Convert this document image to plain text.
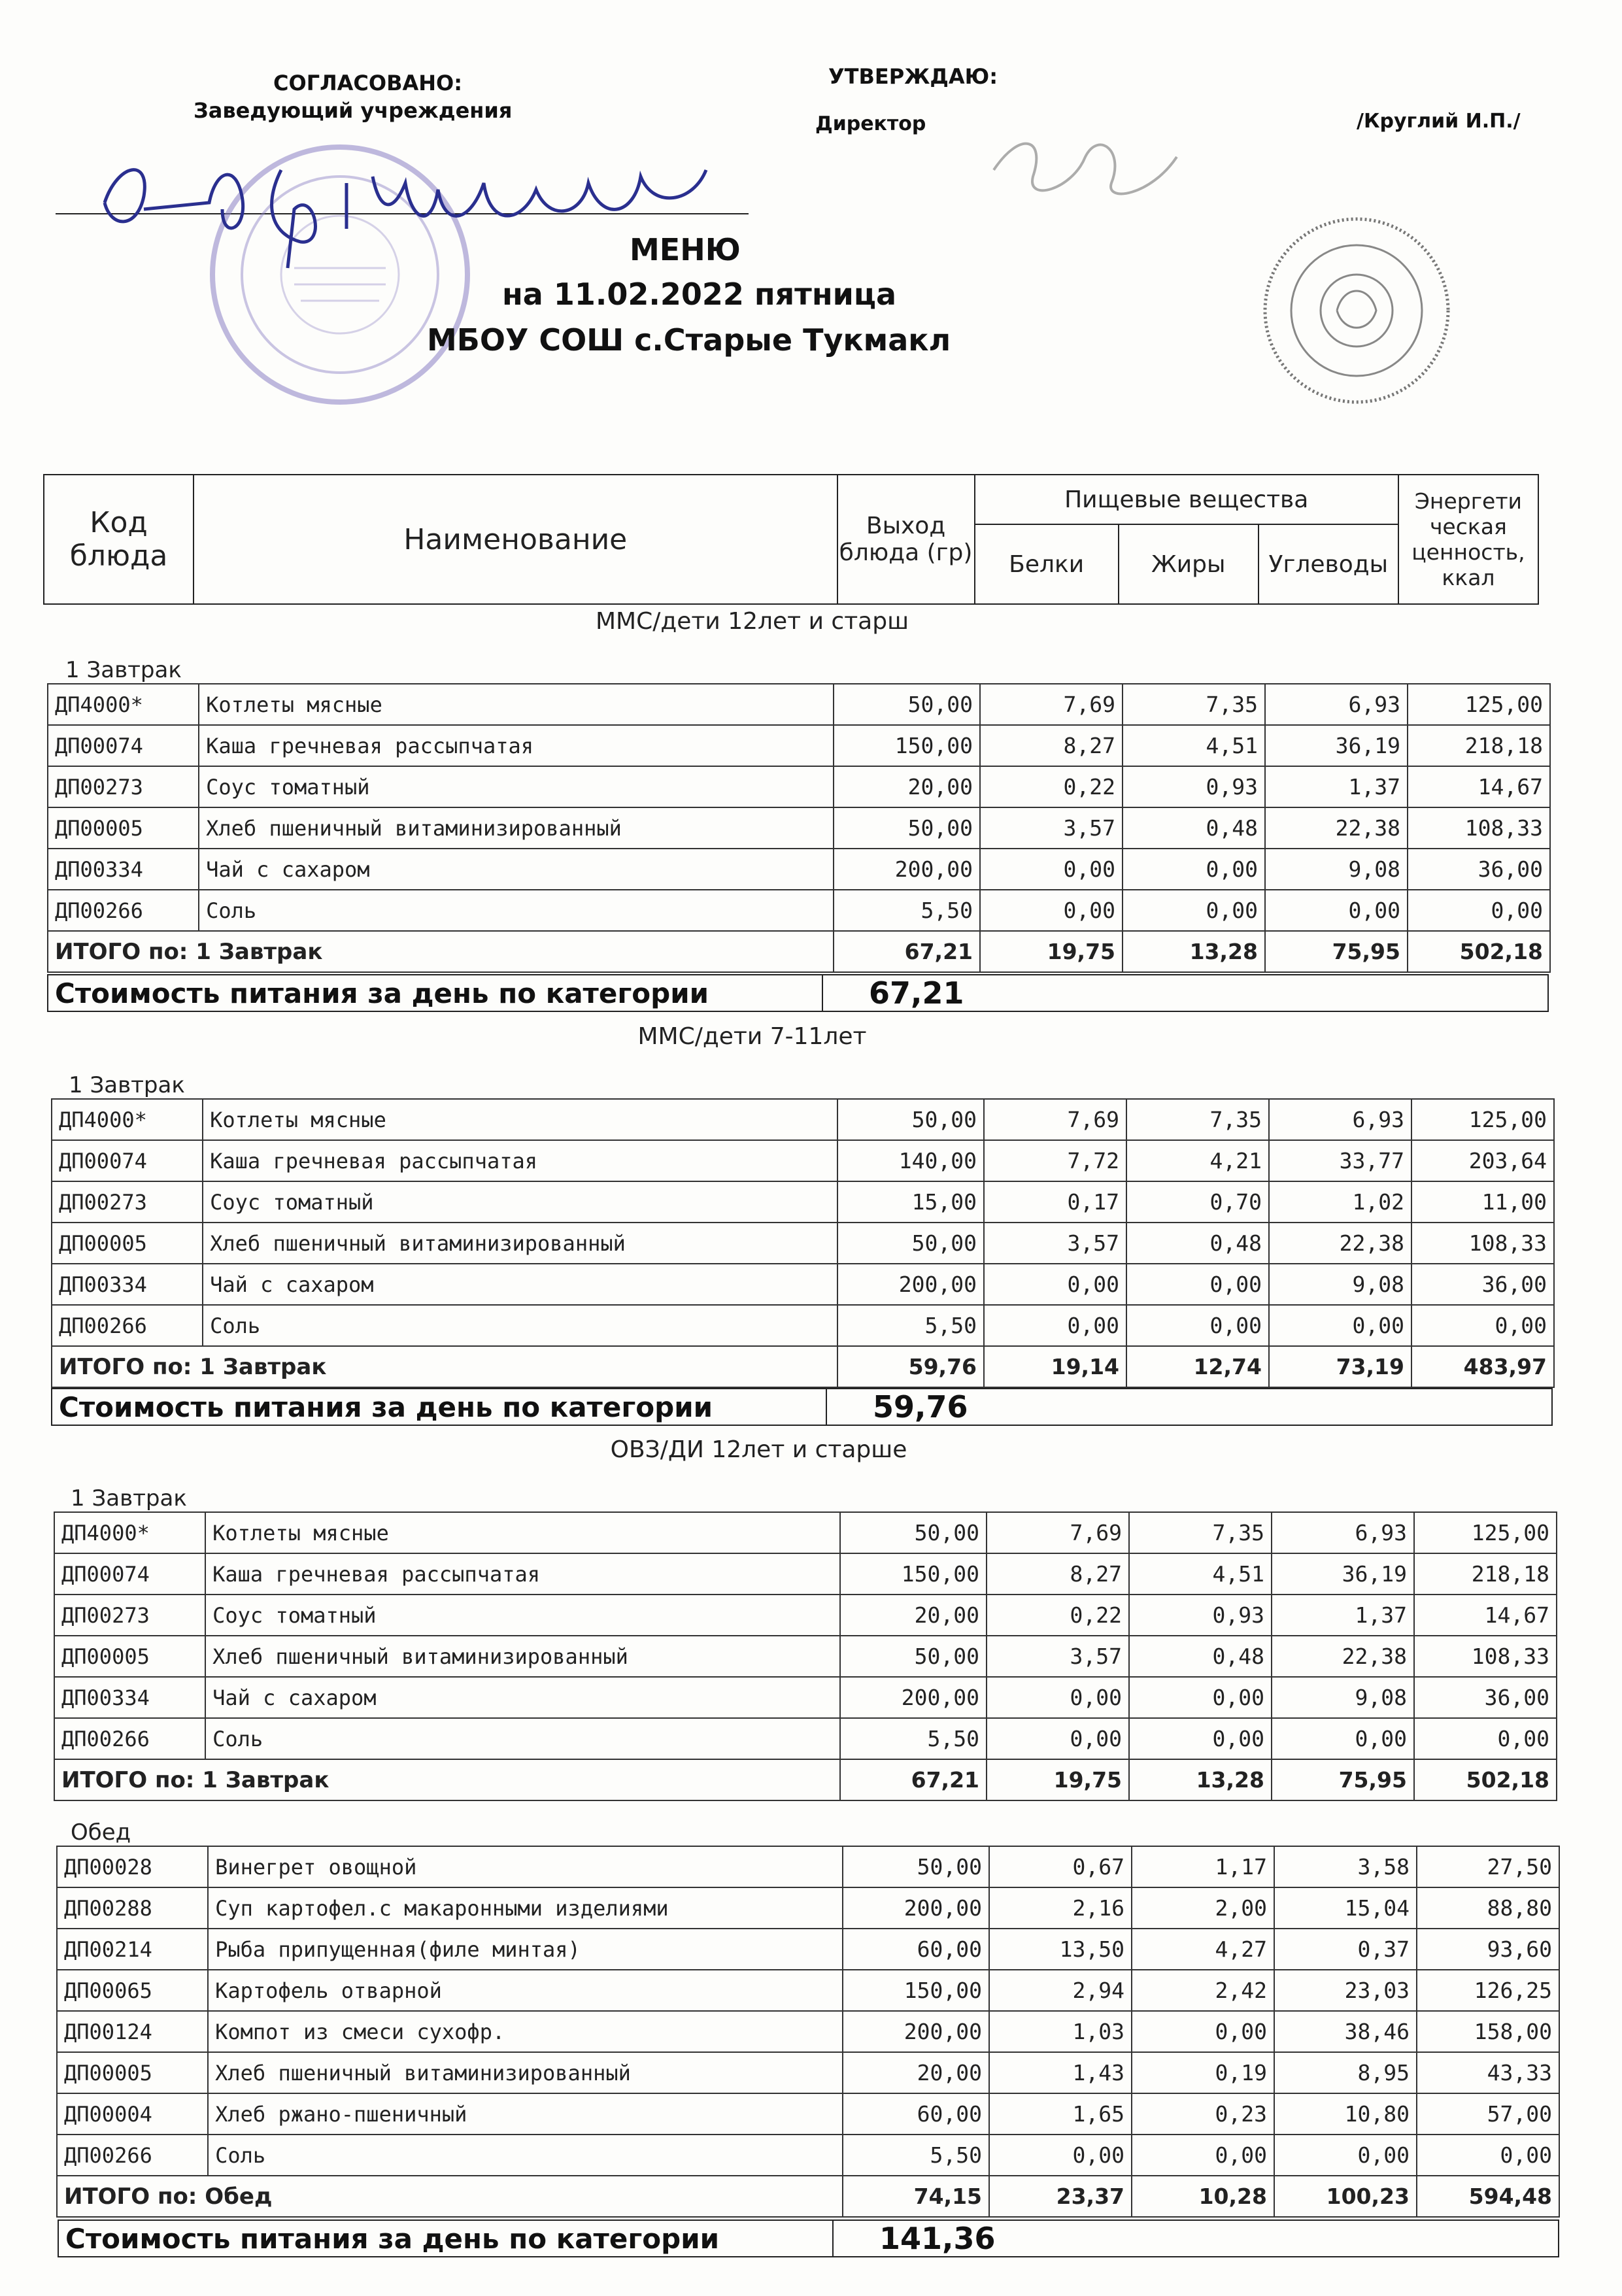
СОГЛАСОВАНО:
Заведующий учреждения
УТВЕРЖДАЮ:
Директор	/Круглий И.П./
МЕНЮ
на 11.02.2022 пятница
МБОУ СОШ с.Старые Тукмакл
Код блюда	Наименование	Выход блюда (гр)	Пищевые вещества			Энергети ческая ценность, ккал
			Белки	Жиры	Углеводы	
ММС/дети 12лет и старш
1 Завтрак
ДП4000*	Котлеты мясные	50,00	7,69	7,35	6,93	125,00
ДП00074	Каша гречневая рассыпчатая	150,00	8,27	4,51	36,19	218,18
ДП00273	Соус томатный	20,00	0,22	0,93	1,37	14,67
ДП00005	Хлеб пшеничный витаминизированный	50,00	3,57	0,48	22,38	108,33
ДП00334	Чай с сахаром	200,00	0,00	0,00	9,08	36,00
ДП00266	Соль	5,50	0,00	0,00	0,00	0,00
ИТОГО по: 1 Завтрак		67,21	19,75	13,28	75,95	502,18
Стоимость питания за день по категории	67,21
ММС/дети 7-11лет
1 Завтрак
ДП4000*	Котлеты мясные	50,00	7,69	7,35	6,93	125,00
ДП00074	Каша гречневая рассыпчатая	140,00	7,72	4,21	33,77	203,64
ДП00273	Соус томатный	15,00	0,17	0,70	1,02	11,00
ДП00005	Хлеб пшеничный витаминизированный	50,00	3,57	0,48	22,38	108,33
ДП00334	Чай с сахаром	200,00	0,00	0,00	9,08	36,00
ДП00266	Соль	5,50	0,00	0,00	0,00	0,00
ИТОГО по: 1 Завтрак		59,76	19,14	12,74	73,19	483,97
Стоимость питания за день по категории	59,76
ОВЗ/ДИ 12лет и старше
1 Завтрак
ДП4000*	Котлеты мясные	50,00	7,69	7,35	6,93	125,00
ДП00074	Каша гречневая рассыпчатая	150,00	8,27	4,51	36,19	218,18
ДП00273	Соус томатный	20,00	0,22	0,93	1,37	14,67
ДП00005	Хлеб пшеничный витаминизированный	50,00	3,57	0,48	22,38	108,33
ДП00334	Чай с сахаром	200,00	0,00	0,00	9,08	36,00
ДП00266	Соль	5,50	0,00	0,00	0,00	0,00
ИТОГО по: 1 Завтрак		67,21	19,75	13,28	75,95	502,18
Обед
ДП00028	Винегрет овощной	50,00	0,67	1,17	3,58	27,50
ДП00288	Суп картофел.с макаронными изделиями	200,00	2,16	2,00	15,04	88,80
ДП00214	Рыба припущенная(филе минтая)	60,00	13,50	4,27	0,37	93,60
ДП00065	Картофель отварной	150,00	2,94	2,42	23,03	126,25
ДП00124	Компот из смеси сухофр.	200,00	1,03	0,00	38,46	158,00
ДП00005	Хлеб пшеничный витаминизированный	20,00	1,43	0,19	8,95	43,33
ДП00004	Хлеб ржано-пшеничный	60,00	1,65	0,23	10,80	57,00
ДП00266	Соль	5,50	0,00	0,00	0,00	0,00
ИТОГО по: Обед		74,15	23,37	10,28	100,23	594,48
Стоимость питания за день по категории	141,36
